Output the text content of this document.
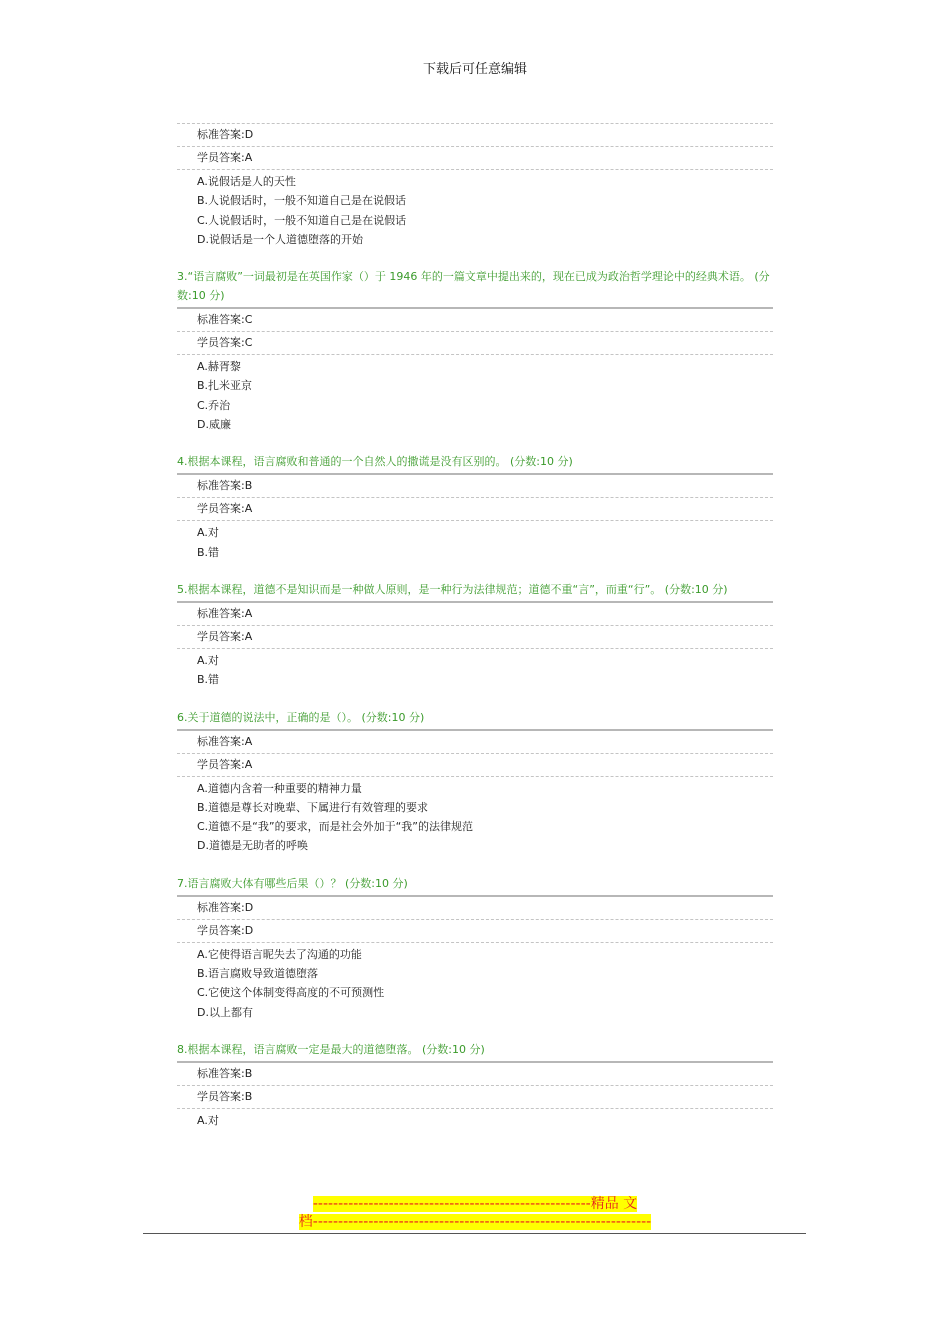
下载后可任意编辑
标准答案:D
学员答案:A
A.说假话是人的天性
B.人说假话时，一般不知道自己是在说假话
C.人说假话时，一般不知道自己是在说假话
D.说假话是一个人道德堕落的开始
3.“语言腐败”一词最初是在英国作家（）于 1946 年的一篇文章中提出来的，现在已成为政治哲学理论中的经典术语。 (分数:10 分)
标准答案:C
学员答案:C
A.赫胥黎
B.扎米亚京
C.乔治
D.威廉
4.根据本课程，语言腐败和普通的一个自然人的撒谎是没有区别的。 (分数:10 分)
标准答案:B
学员答案:A
A.对
B.错
5.根据本课程，道德不是知识而是一种做人原则，是一种行为法律规范；道德不重“言”，而重“行”。 (分数:10 分)
标准答案:A
学员答案:A
A.对
B.错
6.关于道德的说法中，正确的是（）。 (分数:10 分)
标准答案:A
学员答案:A
A.道德内含着一种重要的精神力量
B.道德是尊长对晚辈、下属进行有效管理的要求
C.道德不是“我”的要求，而是社会外加于“我”的法律规范
D.道德是无助者的呼唤
7.语言腐败大体有哪些后果（）？ (分数:10 分)
标准答案:D
学员答案:D
A.它使得语言昵失去了沟通的功能
B.语言腐败导致道德堕落
C.它使这个体制变得高度的不可预测性
D.以上都有
8.根据本课程，语言腐败一定是最大的道德堕落。 (分数:10 分)
标准答案:B
学员答案:B
A.对
-------------------------------------------------------精品 文
档-------------------------------------------------------------------
